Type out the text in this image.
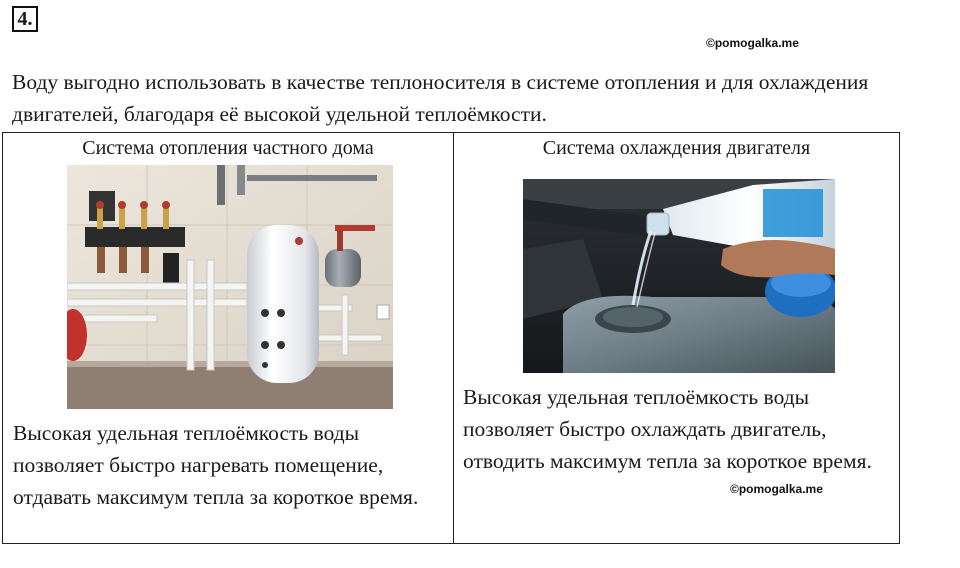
4.
©pomogalka.me

Воду выгодно использовать в качестве теплоносителя в системе отопления и для охлаждения двигателей, благодаря её высокой удельной теплоёмкости.

Система отопления частного дома	Система охлаждения двигателя

Высокая удельная теплоёмкость воды позволяет быстро нагревать помещение, отдавать максимум тепла за короткое время.

Высокая удельная теплоёмкость воды позволяет быстро охлаждать двигатель, отводить максимум тепла за короткое время.

©pomogalka.me
